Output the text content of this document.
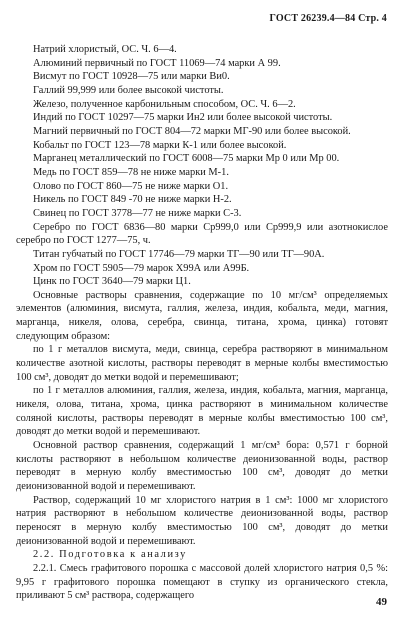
ГОСТ 26239.4—84 Стр. 4

Натрий хлористый, ОС. Ч. 6—4.

Алюминий первичный по ГОСТ 11069—74 марки А 99.

Висмут по ГОСТ 10928—75 или марки Ви0.

Галлий 99,999 или более высокой чистоты.

Железо, полученное карбонильным способом, ОС. Ч. 6—2.

Индий по ГОСТ 10297—75 марки Ин2 или более высокой чистоты.

Магний первичный по ГОСТ 804—72 марки МГ-90 или более высокой.

Кобальт по ГОСТ 123—78 марки К-1 или более высокой.

Марганец металлический по ГОСТ 6008—75 марки Мр 0 или Мр 00.

Медь по ГОСТ 859—78 не ниже марки М-1.

Олово по ГОСТ 860—75 не ниже марки О1.

Никель по ГОСТ 849 -70 не ниже марки Н-2.

Свинец по ГОСТ 3778—77 не ниже марки С-3.

Серебро по ГОСТ 6836—80 марки Ср999,0 или Ср999,9 или азотнокислое серебро по ГОСТ 1277—75, ч.

Титан губчатый по ГОСТ 17746—79 марки ТГ—90 или ТГ—90А.

Хром по ГОСТ 5905—79 марок Х99А или А99Б.

Цинк по ГОСТ 3640—79 марки Ц1.

Основные растворы сравнения, содержащие по 10 мг/см³ определяемых элементов (алюминия, висмута, галлия, железа, индия, кобальта, меди, магния, марганца, никеля, олова, серебра, свинца, титана, хрома, цинка) готовят следующим образом:

по 1 г металлов висмута, меди, свинца, серебра растворяют в минимальном количестве азотной кислоты, растворы переводят в мерные колбы вместимостью 100 см³, доводят до метки водой и перемешивают;

по 1 г металлов алюминия, галлия, железа, индия, кобальта, магния, марганца, никеля, олова, титана, хрома, цинка растворяют в минимальном количестве соляной кислоты, растворы переводят в мерные колбы вместимостью 100 см³, доводят до метки водой и перемешивают.

Основной раствор сравнения, содержащий 1 мг/см³ бора: 0,571 г борной кислоты растворяют в небольшом количестве деионизованной воды, раствор переводят в мерную колбу вместимостью 100 см³, доводят до метки деионизованной водой и перемешивают.

Раствор, содержащий 10 мг хлористого натрия в 1 см³: 1000 мг хлористого натрия растворяют в небольшом количестве деионизованной воды, раствор переносят в мерную колбу вместимостью 100 см³, доводят до метки деионизованной водой и перемешивают.

2.2. Подготовка к анализу

2.2.1. Смесь графитового порошка с массовой долей хлористого натрия 0,5 %: 9,95 г графитового порошка помещают в ступку из органического стекла, приливают 5 см³ раствора, содержащего

49
